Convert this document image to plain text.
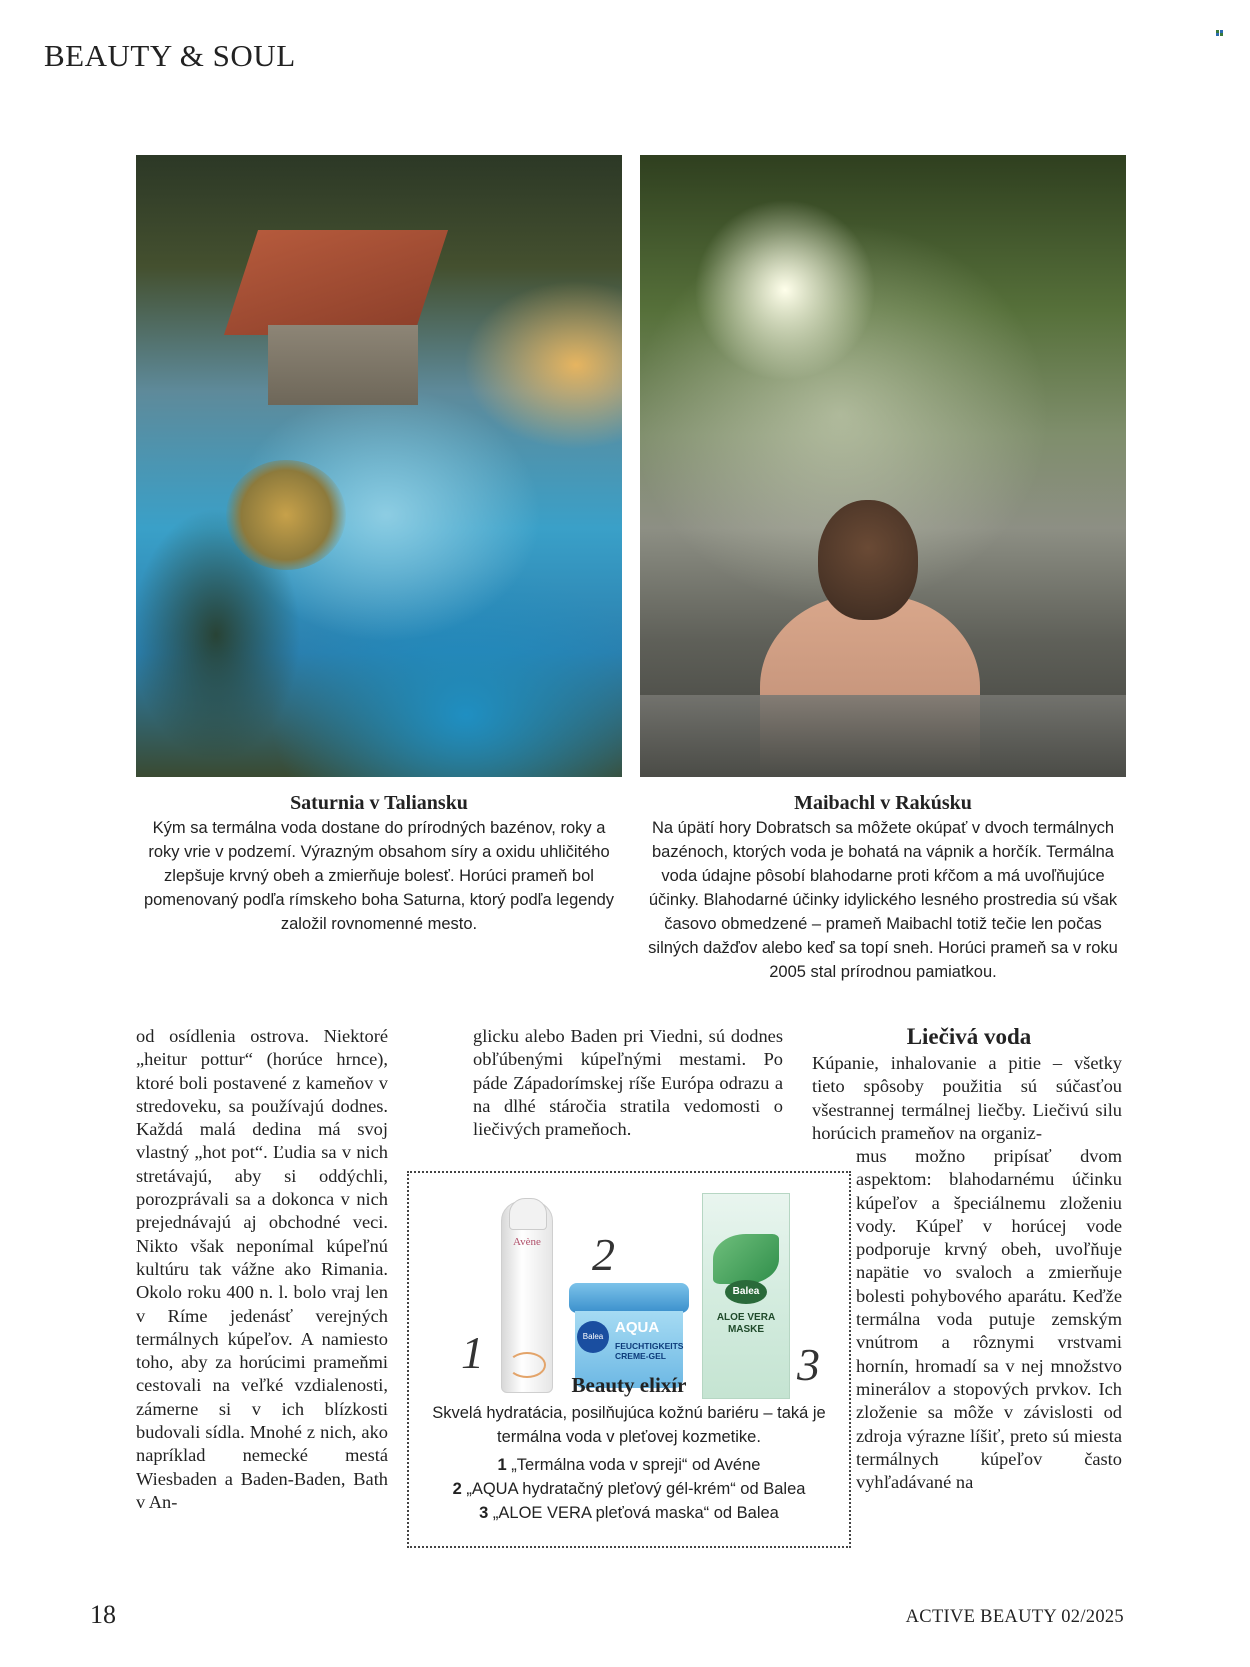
BEAUTY & SOUL
Saturnia v Taliansku
Kým sa termálna voda dostane do prírodných bazénov, roky a roky vrie v podzemí. Výrazným obsahom síry a oxidu uhličitého zlepšuje krvný obeh a zmierňuje bolesť. Horúci prameň bol pomenovaný podľa rímskeho boha Saturna, ktorý podľa legendy založil rovnomenné mesto.
Maibachl v Rakúsku
Na úpätí hory Dobratsch sa môžete okúpať v dvoch termálnych bazénoch, ktorých voda je bohatá na vápnik a horčík. Termálna voda údajne pôsobí blahodarne proti kŕčom a má uvoľňujúce účinky. Blahodarné účinky idylického lesného prostredia sú však časovo obmedzené – prameň Maibachl totiž tečie len počas silných dažďov alebo keď sa topí sneh. Horúci prameň sa v roku 2005 stal prírodnou pamiatkou.
od osídlenia ostrova. Niektoré „heitur pottur“ (horúce hrnce), ktoré boli postavené z kameňov v stredoveku, sa používajú dodnes. Každá malá dedina má svoj vlastný „hot pot“. Ľudia sa v nich stretávajú, aby si oddýchli, porozprávali sa a dokonca v nich prejednávajú aj obchodné veci. Nikto však neponímal kúpeľnú kultúru tak vážne ako Rimania. Okolo roku 400 n. l. bolo vraj len v Ríme jedenásť verejných termálnych kúpeľov. A namiesto toho, aby za horúcimi prameňmi cestovali na veľké vzdialenosti, zámerne si v ich blízkosti budovali sídla. Mnohé z nich, ako napríklad nemecké mestá Wiesbaden a Baden-Baden, Bath v An-
glicku alebo Baden pri Viedni, sú dodnes obľúbenými kúpeľnými mestami. Po páde Západorímskej ríše Európa odrazu a na dlhé stáročia stratila vedomosti o liečivých prameňoch.
Liečivá voda
Kúpanie, inhalovanie a pitie – všetky tieto spôsoby použitia sú súčasťou všestrannej termálnej liečby. Liečivú silu horúcich prameňov na organiz-
mus možno pripísať dvom aspektom: blahodarnému účinku kúpeľov a špeciálnemu zloženiu vody. Kúpeľ v horúcej vode podporuje krvný obeh, uvoľňuje napätie vo svaloch a zmierňuje bolesti pohybového aparátu. Keďže termálna voda putuje zemským vnútrom a rôznymi vrstvami hornín, hromadí sa v nej množstvo minerálov a stopových prvkov. Ich zloženie sa môže v závislosti od zdroja výrazne líšiť, preto sú miesta termálnych kúpeľov často vyhľadávané na
Avène
Balea
AQUA
FEUCHTIGKEITS CREME-GEL
Balea
ALOE VERA MASKE
1
2
3
Beauty elixír
Skvelá hydratácia, posilňujúca kožnú bariéru – taká je termálna voda v pleťovej kozmetike.
1 „Termálna voda v spreji“ od Avéne
2 „AQUA hydratačný pleťový gél-krém“ od Balea
3 „ALOE VERA pleťová maska“ od Balea
18	ACTIVE BEAUTY 02/2025
